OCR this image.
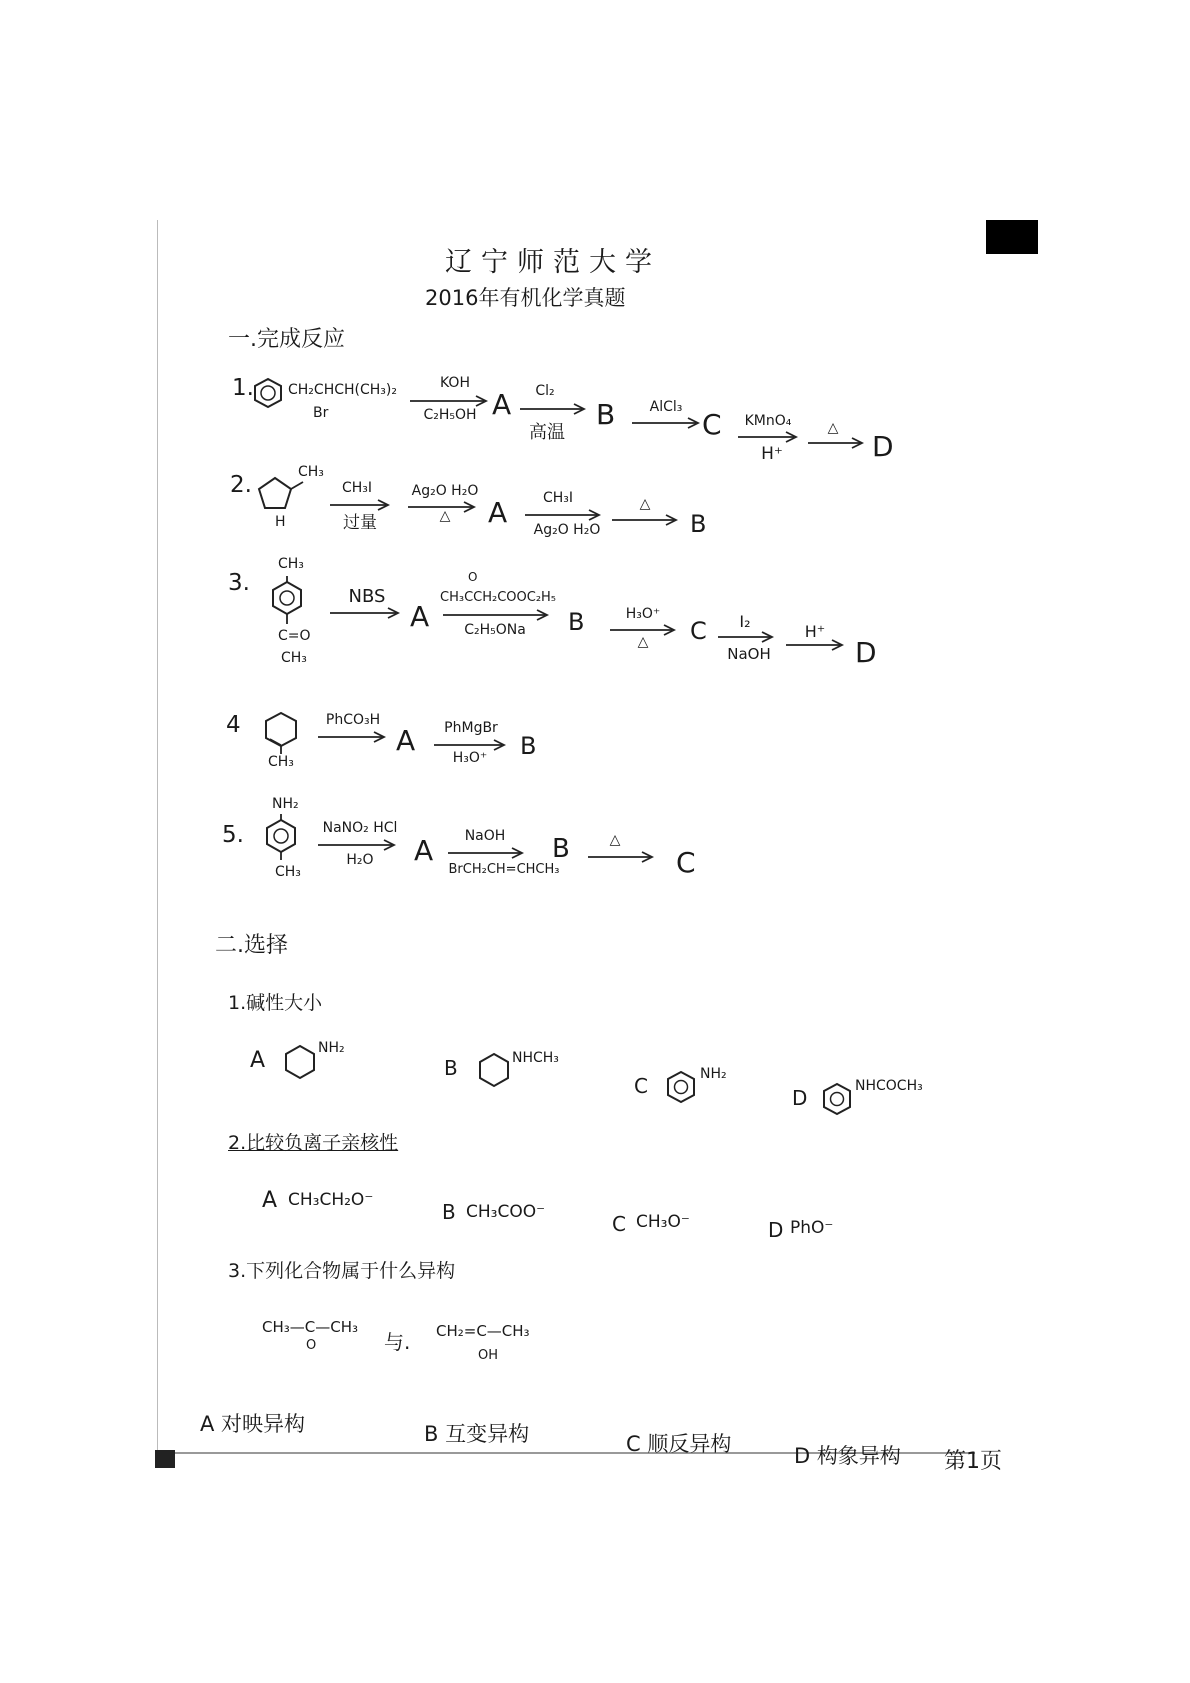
辽宁师范大学
2016年有机化学真题
一.完成反应
1. CH₂CHCH(CH₃)₂
Br
KOH
C₂H₅OH A	Cl₂
高温
B	AlCl₃
C	KMnO₄
H⁺
△
→ D
2.	CH₃
H
CH₃I
过量
Ag₂O H₂O
△	A	CH₃I
Ag₂O H₂O
△
B
3.
CH₃
C=O
CH₃
NBS
A
O
CH₃CCH₂COOC₂H₅
C₂H₅ONa	B	H₃O⁺
△	C	I₂
NaOH
H⁺
→ D
4
CH₃
PhCO₃H
A	PhMgBr
H₃O⁺	B
5.
NH₂
CH₃
NaNO₂ HCl
H₂O A	NaOH
BrCH₂CH=CHCH₃
B	△
C
二.选择
1.碱性大小
A	NH₂
B	NHCH₃
C	NH₂
D	NHCOCH₃
2.比较负离子亲核性
A CH₃CH₂O⁻	B CH₃COO⁻	C CH₃O⁻	D PhO⁻
3.下列化合物属于什么异构
CH₃—C—CH₃
O	与. CH₂=C—CH₃
OH
A 对映异构	B 互变异构	C 顺反异构	D 构象异构 第1页
